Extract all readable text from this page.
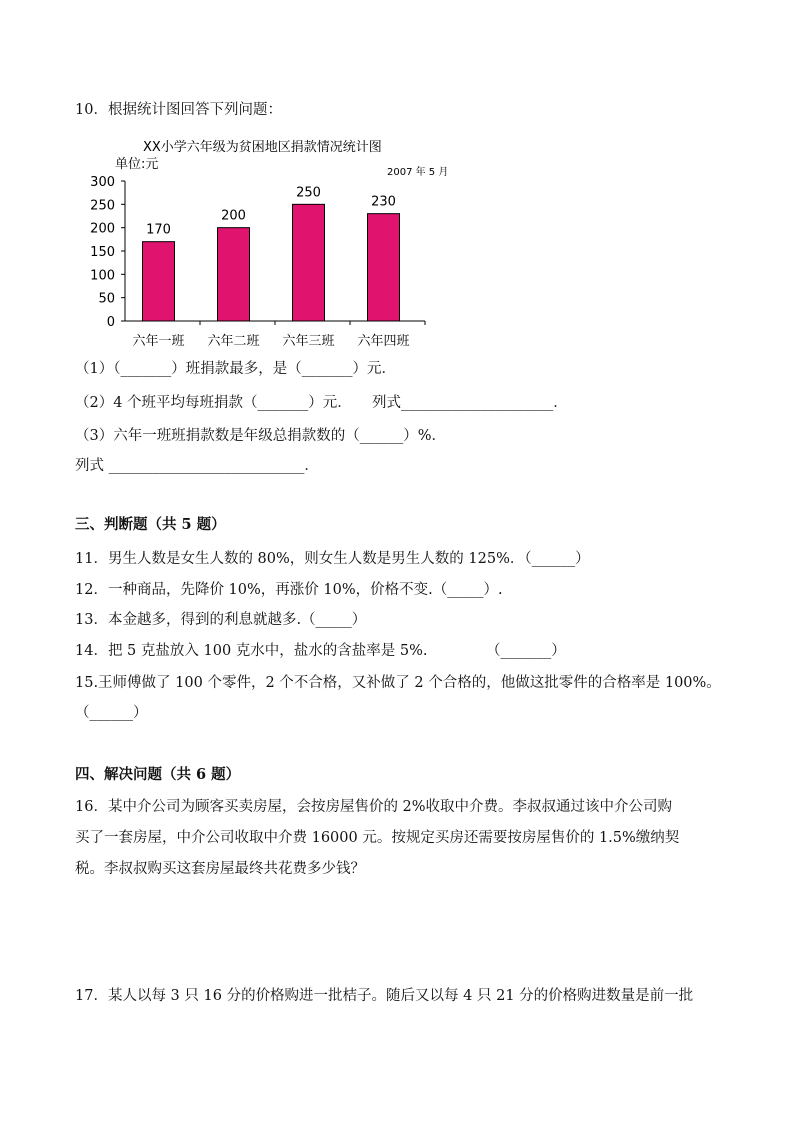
10．根据统计图回答下列问题：
XX小学六年级为贫困地区捐款情况统计图
单位:元
2007 年 5 月
0
50
100
150
200
250
300
170
六年一班
200
六年二班
250
六年三班
230
六年四班
（1）（_______）班捐款最多，是（_______）元．
（2）4 个班平均每班捐款（_______）元． 列式_____________________．
（3）六年一班班捐款数是年级总捐款数的（______）%．
列式 ___________________________．
三、判断题（共 5 题）
11．男生人数是女生人数的 80%，则女生人数是男生人数的 125%．（______）
12．一种商品，先降价 10%，再涨价 10%，价格不变.（_____）.
13．本金越多，得到的利息就越多.（_____）
14．把 5 克盐放入 100 克水中，盐水的含盐率是 5%.	（_______）
15.王师傅做了 100 个零件，2 个不合格，又补做了 2 个合格的，他做这批零件的合格率是 100%。
（______）
四、解决问题（共 6 题）
16．某中介公司为顾客买卖房屋，会按房屋售价的 2%收取中介费。李叔叔通过该中介公司购
买了一套房屋，中介公司收取中介费 16000 元。按规定买房还需要按房屋售价的 1.5%缴纳契
税。李叔叔购买这套房屋最终共花费多少钱？
17．某人以每 3 只 16 分的价格购进一批桔子。随后又以每 4 只 21 分的价格购进数量是前一批
